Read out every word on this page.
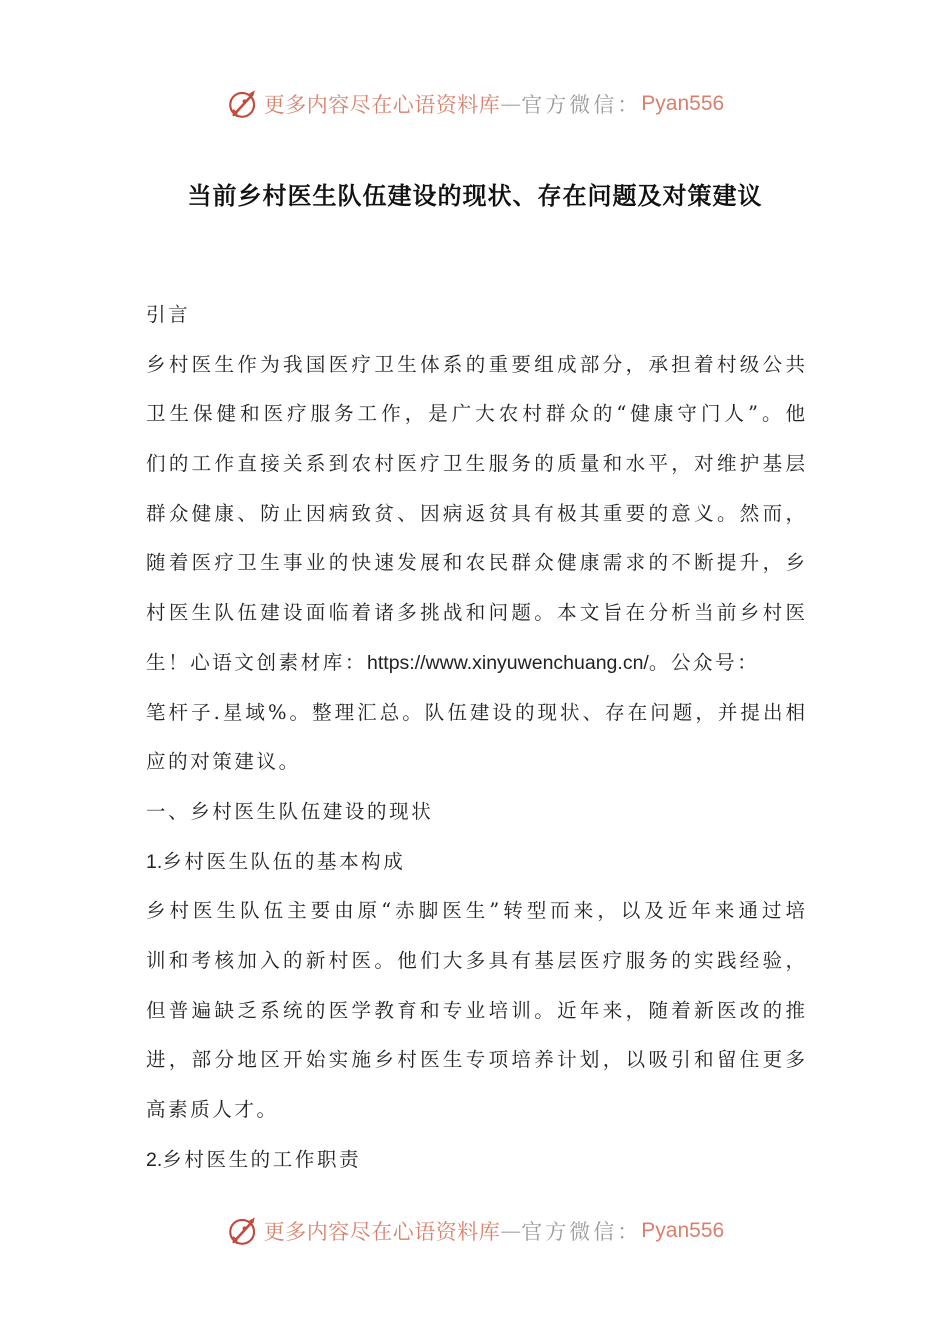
更多内容尽在心语资料库 — 官方微信： Pyan556
当前乡村医生队伍建设的现状、存在问题及对策建议
引言
乡村医生作为我国医疗卫生体系的重要组成部分，承担着村级公共
卫生保健和医疗服务工作，是广大农村群众的“健康守门人”。他
们的工作直接关系到农村医疗卫生服务的质量和水平，对维护基层
群众健康、防止因病致贫、因病返贫具有极其重要的意义。然而，
随着医疗卫生事业的快速发展和农民群众健康需求的不断提升，乡
村医生队伍建设面临着诸多挑战和问题。本文旨在分析当前乡村医
生！心语文创素材库：https://www.xinyuwenchuang.cn/。公众号：
笔杆子.星域%。整理汇总。队伍建设的现状、存在问题，并提出相
应的对策建议。
一、乡村医生队伍建设的现状
1.乡村医生队伍的基本构成
乡村医生队伍主要由原“赤脚医生”转型而来，以及近年来通过培
训和考核加入的新村医。他们大多具有基层医疗服务的实践经验，
但普遍缺乏系统的医学教育和专业培训。近年来，随着新医改的推
进，部分地区开始实施乡村医生专项培养计划，以吸引和留住更多
高素质人才。
2.乡村医生的工作职责
更多内容尽在心语资料库 — 官方微信： Pyan556
